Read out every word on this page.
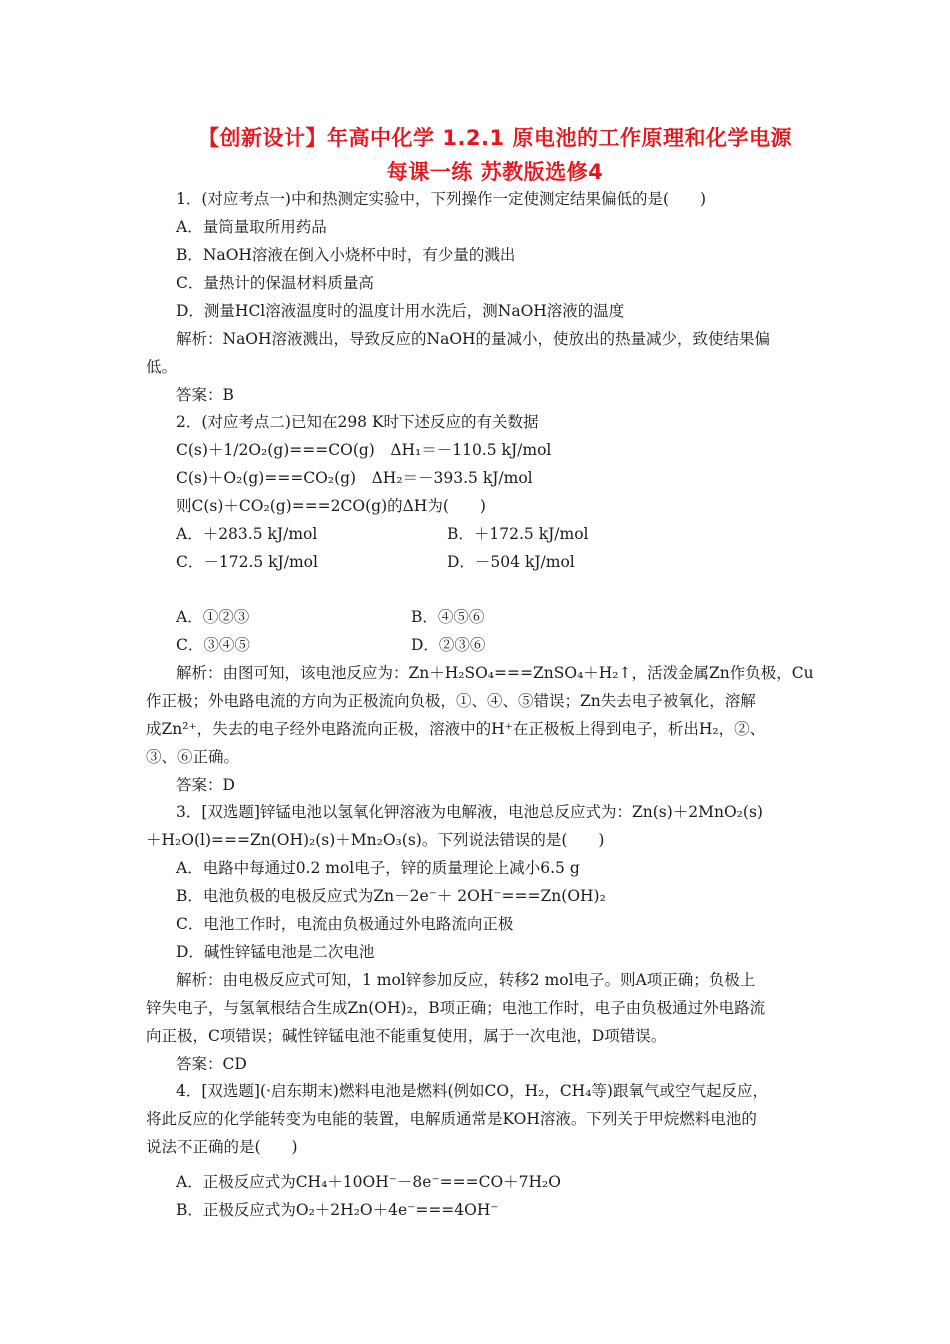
【创新设计】年高中化学 1.2.1 原电池的工作原理和化学电源
每课一练 苏教版选修4
1．(对应考点一)中和热测定实验中，下列操作一定使测定结果偏低的是(　　)
A．量筒量取所用药品
B．NaOH溶液在倒入小烧杯中时，有少量的溅出
C．量热计的保温材料质量高
D．测量HCl溶液温度时的温度计用水洗后，测NaOH溶液的温度
解析：NaOH溶液溅出，导致反应的NaOH的量减小，使放出的热量减少，致使结果偏
低。
答案：B
2．(对应考点二)已知在298 K时下述反应的有关数据
C(s)＋1/2O₂(g)===CO(g)　ΔH₁＝－110.5 kJ/mol
C(s)＋O₂(g)===CO₂(g)　ΔH₂＝－393.5 kJ/mol
则C(s)＋CO₂(g)===2CO(g)的ΔH为(　　)
A．＋283.5 kJ/mol	B．＋172.5 kJ/mol
C．－172.5 kJ/mol	D．－504 kJ/mol
A．①②③	B．④⑤⑥
C．③④⑤	D．②③⑥
解析：由图可知，该电池反应为：Zn＋H₂SO₄===ZnSO₄＋H₂↑，活泼金属Zn作负极，Cu
作正极；外电路电流的方向为正极流向负极，①、④、⑤错误；Zn失去电子被氧化，溶解
成Zn²⁺，失去的电子经外电路流向正极，溶液中的H⁺在正极板上得到电子，析出H₂，②、
③、⑥正确。
答案：D
3．[双选题]锌锰电池以氢氧化钾溶液为电解液，电池总反应式为：Zn(s)＋2MnO₂(s)
＋H₂O(l)===Zn(OH)₂(s)＋Mn₂O₃(s)。下列说法错误的是(　　)
A．电路中每通过0.2 mol电子，锌的质量理论上减小6.5 g
B．电池负极的电极反应式为Zn－2e⁻＋ 2OH⁻===Zn(OH)₂
C．电池工作时，电流由负极通过外电路流向正极
D．碱性锌锰电池是二次电池
解析：由电极反应式可知，1 mol锌参加反应，转移2 mol电子。则A项正确；负极上
锌失电子，与氢氧根结合生成Zn(OH)₂，B项正确；电池工作时，电子由负极通过外电路流
向正极，C项错误；碱性锌锰电池不能重复使用，属于一次电池，D项错误。
答案：CD
4．[双选题](·启东期末)燃料电池是燃料(例如CO，H₂，CH₄等)跟氧气或空气起反应，
将此反应的化学能转变为电能的装置，电解质通常是KOH溶液。下列关于甲烷燃料电池的
说法不正确的是(　　)
A．正极反应式为CH₄＋10OH⁻－8e⁻===CO＋7H₂O
B．正极反应式为O₂＋2H₂O＋4e⁻===4OH⁻
